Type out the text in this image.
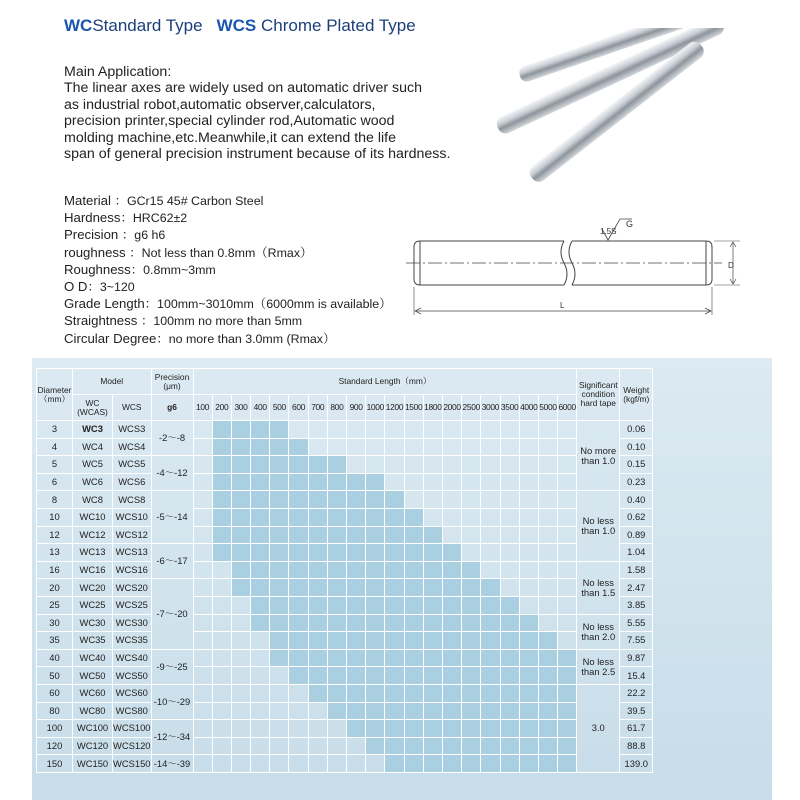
WCStandard Type WCS Chrome Plated Type
Main Application:
The linear axes are widely used on automatic driver such
as industrial robot,automatic observer,calculators,
precision printer,special cylinder rod,Automatic wood
molding machine,etc.Meanwhile,it can extend the life
span of general precision instrument because of its hardness.
Material ：GCr15 45# Carbon Steel
Hardness：HRC62±2
Precision ：g6 h6
roughness ：Not less than 0.8mm（Rmax）
Roughness：0.8mm~3mm
O D：3~120
Grade Length：100mm~3010mm（6000mm is available）
Straightness ：100mm no more than 5mm
Circular Degree：no more than 3.0mm (Rmax）
1.5S
G
D
L
Diameter（mm）	Model		Precision (μm)	Standard Length（mm）																				Significant condition hard tape	Weight (kgf/m)
	WC (WCAS)	WCS	g6	100	200	300	400	500	600	700	800	900	1000	1200	1500	1800	2000	2500	3000	3500	4000	5000	6000		
3	WC3	WCS3	-2～-8																					No more than 1.0	0.06
4	WC4	WCS4																							0.10
5	WC5	WCS5	-4～-12																						0.15
6	WC6	WCS6																							0.23
8	WC8	WCS8	-5～-14																					No less than 1.0	0.40
10	WC10	WCS10																							0.62
12	WC12	WCS12																							0.89
13	WC13	WCS13	-6～-17																						1.04
16	WC16	WCS16																						No less than 1.5	1.58
20	WC20	WCS20	-7～-20																						2.47
25	WC25	WCS25																							3.85
30	WC30	WCS30																						No less than 2.0	5.55
35	WC35	WCS35																							7.55
40	WC40	WCS40	-9～-25																					No less than 2.5	9.87
50	WC50	WCS50																							15.4
60	WC60	WCS60	-10～-29																					3.0	22.2
80	WC80	WCS80																							39.5
100	WC100	WCS100	-12～-34																						61.7
120	WC120	WCS120																							88.8
150	WC150	WCS150	-14～-39																						139.0
